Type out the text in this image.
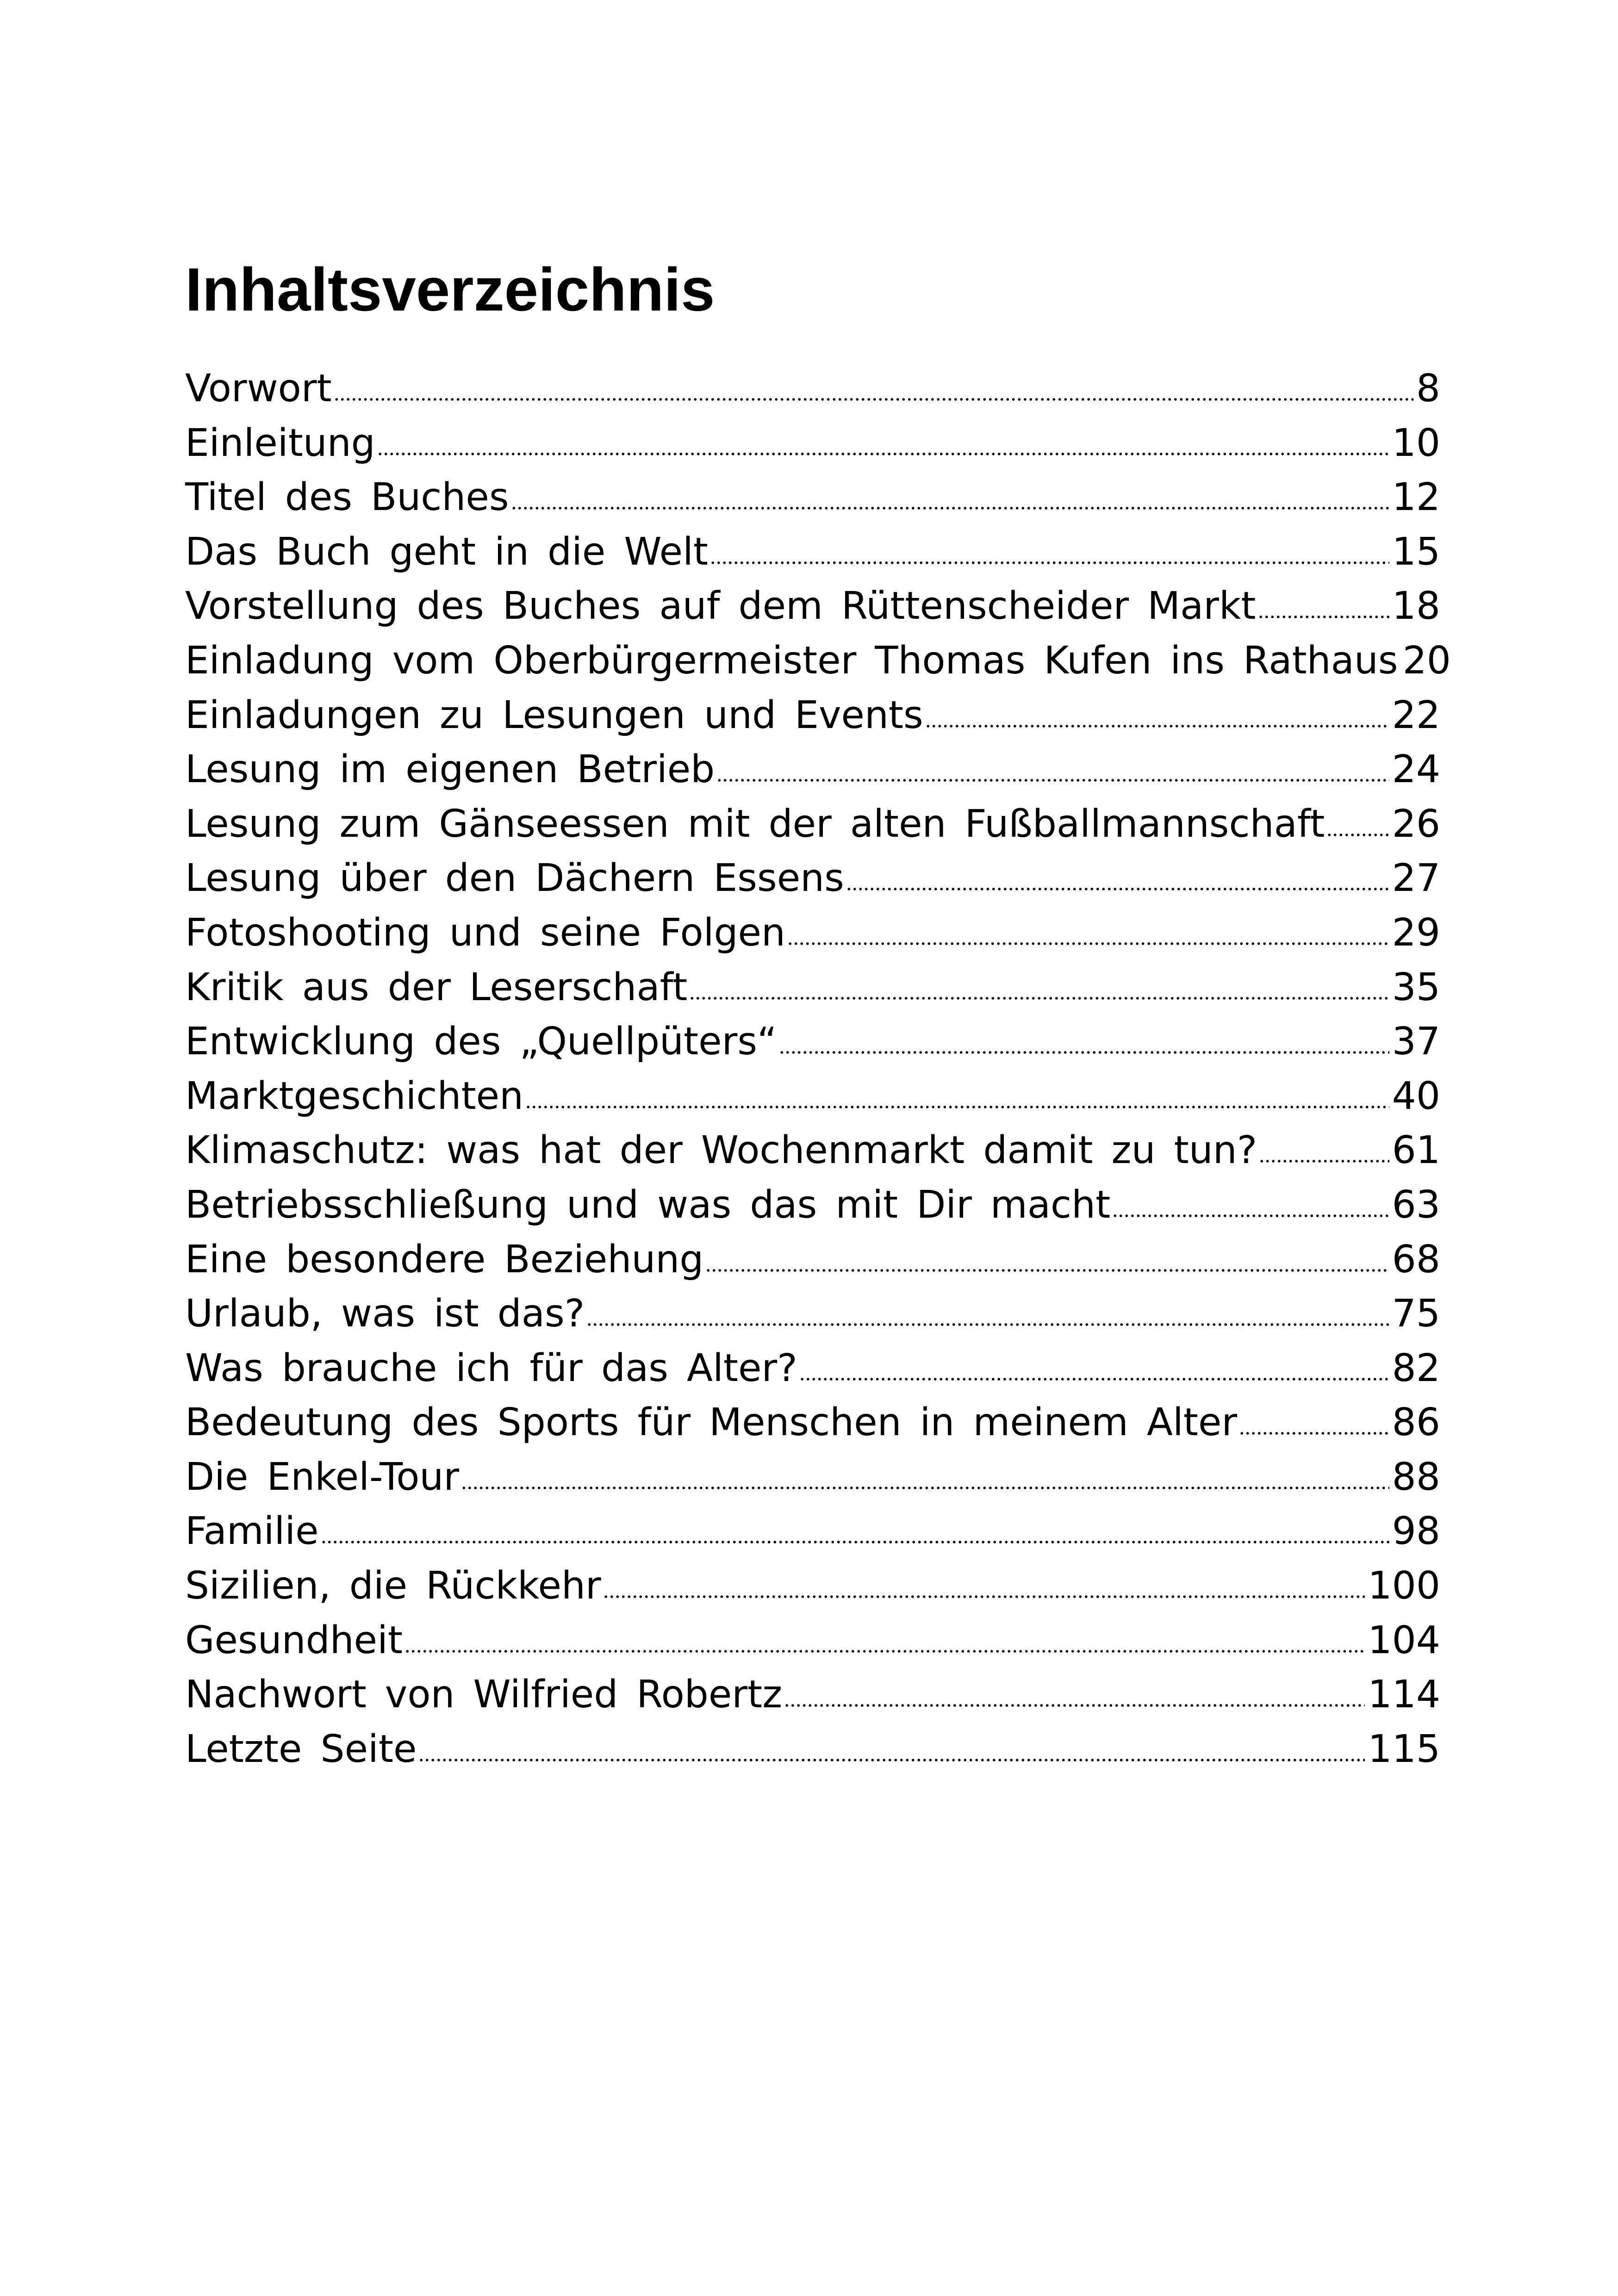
Inhaltsverzeichnis
Vorwort	8
Einleitung	10
Titel des Buches	12
Das Buch geht in die Welt	15
Vorstellung des Buches auf dem Rüttenscheider Markt	18
Einladung vom Oberbürgermeister Thomas Kufen ins Rathaus 20
Einladungen zu Lesungen und Events	22
Lesung im eigenen Betrieb	24
Lesung zum Gänseessen mit der alten Fußballmannschaft 26
Lesung über den Dächern Essens	27
Fotoshooting und seine Folgen	29
Kritik aus der Leserschaft	35
Entwicklung des „Quellpüters“	37
Marktgeschichten	40
Klimaschutz: was hat der Wochenmarkt damit zu tun?	61
Betriebsschließung und was das mit Dir macht	63
Eine besondere Beziehung	68
Urlaub, was ist das?	75
Was brauche ich für das Alter?	82
Bedeutung des Sports für Menschen in meinem Alter	86
Die Enkel-Tour	88
Familie	98
Sizilien, die Rückkehr	100
Gesundheit	104
Nachwort von Wilfried Robertz	114
Letzte Seite	115
